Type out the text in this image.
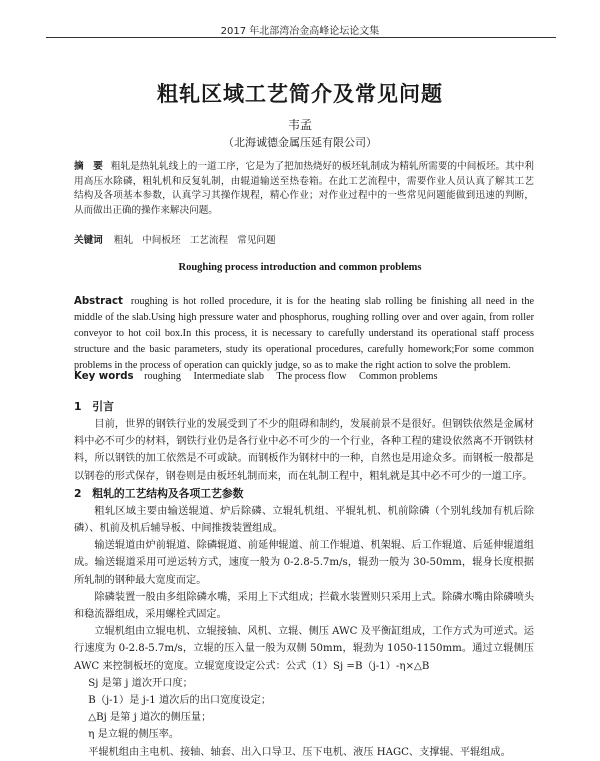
2017 年北部湾冶金高峰论坛论文集
粗轧区域工艺简介及常见问题
韦孟
（北海诚德金属压延有限公司）
摘　要 粗轧是热轧轧线上的一道工序，它是为了把加热烧好的板坯轧制成为精轧所需要的中间板坯。其中利用高压水除磷，粗轧机和反复轧制，由辊道输送至热卷箱。在此工艺流程中，需要作业人员认真了解其工艺结构及各项基本参数，认真学习其操作规程，精心作业；对作业过程中的一些常见问题能做到迅速的判断，从而做出正确的操作来解决问题。
关键词 粗轧 中间板坯 工艺流程 常见问题
Roughing process introduction and common problems
Abstract roughing is hot rolled procedure, it is for the heating slab rolling be finishing all need in the middle of the slab.Using high pressure water and phosphorus, roughing rolling over and over again, from roller conveyor to hot coil box.In this process, it is necessary to carefully understand its operational staff process structure and the basic parameters, study its operational procedures, carefully homework;For some common problems in the process of operation can quickly judge, so as to make the right action to solve the problem.
Key words roughing Intermediate slab The process flow Common problems
1　引言

目前，世界的钢铁行业的发展受到了不少的阻碍和制约，发展前景不是很好。但钢铁依然是金属材料中必不可少的材料，钢铁行业仍是各行业中必不可少的一个行业，各种工程的建设依然离不开钢铁材料，所以钢铁的加工依然是不可或缺。而钢板作为钢材中的一种，自然也是用途众多。而钢板一般都是以钢卷的形式保存，钢卷则是由板坯轧制而来，而在轧制工程中，粗轧就是其中必不可少的一道工序。

2　粗轧的工艺结构及各项工艺参数

粗轧区域主要由输送辊道、炉后除磷、立辊轧机组、平辊轧机、机前除磷（个别轧线加有机后除磷）、机前及机后辅导板、中间推拨装置组成。

输送辊道由炉前辊道、除磷辊道、前延伸辊道、前工作辊道、机架辊、后工作辊道、后延伸辊道组成。输送辊道采用可逆运转方式，速度一般为 0-2.8-5.7m/s，辊劲一般为 30-50mm，辊身长度根据所轧制的钢种最大宽度而定。

除磷装置一般由多组除磷水嘴，采用上下式组成；拦截水装置则只采用上式。除磷水嘴由除磷喷头和稳流器组成，采用螺栓式固定。

立辊机组由立辊电机、立辊接轴、风机、立辊、侧压 AWC 及平衡缸组成，工作方式为可逆式。运行速度为 0-2.8-5.7m/s，立辊的压入量一般为双侧 50mm，辊劲为 1050-1150mm。通过立辊侧压 AWC 来控制板坯的宽度。立辊宽度设定公式：公式（1）Sj =B（j-1）-η×△B

Sj 是第 j 道次开口度；

B（j-1）是 j-1 道次后的出口宽度设定；

△Bj 是第 j 道次的侧压量；

η 是立辊的侧压率。

平辊机组由主电机、接轴、轴套、出入口导卫、压下电机、液压 HAGC、支撑辊、平辊组成。
